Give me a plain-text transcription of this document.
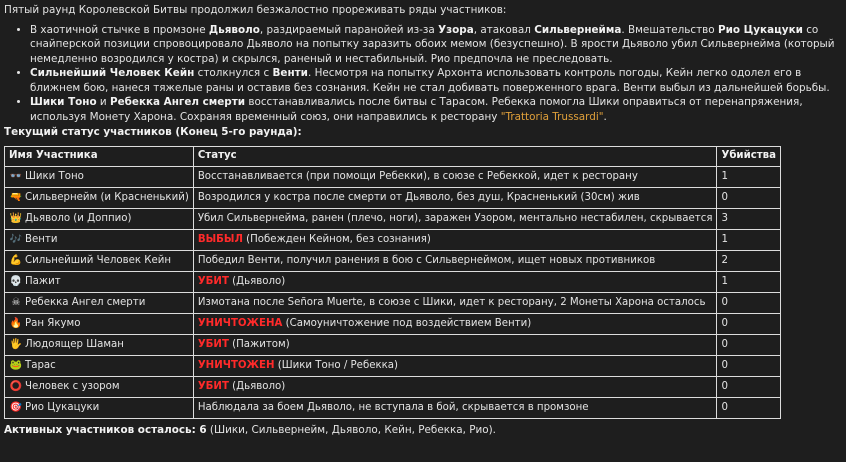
Пятый раунд Королевской Битвы продолжил безжалостно прореживать ряды участников:

• В хаотичной стычке в промзоне Дьяволо, раздираемый паранойей из-за Узора, атаковал Сильвернейма. Вмешательство Рио Цукацуки со снайперской позиции спровоцировало Дьяволо на попытку заразить обоих мемом (безуспешно). В ярости Дьяволо убил Сильвернейма (который немедленно возродился у костра) и скрылся, раненый и нестабильный. Рио предпочла не преследовать.
• Сильнейший Человек Кейн столкнулся с Венти. Несмотря на попытку Архонта использовать контроль погоды, Кейн легко одолел его в ближнем бою, нанеся тяжелые раны и оставив без сознания. Кейн не стал добивать поверженного врага. Венти выбыл из дальнейшей борьбы.
• Шики Тоно и Ребекка Ангел смерти восстанавливались после битвы с Тарасом. Ребекка помогла Шики оправиться от перенапряжения, используя Монету Харона. Сохраняя временный союз, они направились к ресторану "Trattoria Trussardi".

Текущий статус участников (Конец 5-го раунда):

Имя Участника	Статус	Убийства
👓 Шики Тоно	Восстанавливается (при помощи Ребекки), в союзе с Ребеккой, идет к ресторану	1
🔫 Сильвернейм (и Красненький)	Возродился у костра после смерти от Дьяволо, без душ, Красненький (30см) жив	0
👑 Дьяволо (и Доппио)	Убил Сильвернейма, ранен (плечо, ноги), заражен Узором, ментально нестабилен, скрывается	3
🎶 Венти	ВЫБЫЛ (Побежден Кейном, без сознания)	1
💪 Сильнейший Человек Кейн	Победил Венти, получил ранения в бою с Сильвернеймом, ищет новых противников	2
💀 Пажит	УБИТ (Дьяволо)	1
☠ Ребекка Ангел смерти	Измотана после Señora Muerte, в союзе с Шики, идет к ресторану, 2 Монеты Харона осталось	0
🔥 Ран Якумо	УНИЧТОЖЕНА (Самоуничтожение под воздействием Венти)	0
🖐 Людоящер Шаман	УБИТ (Пажитом)	0
🐸 Тарас	УНИЧТОЖЕН (Шики Тоно / Ребекка)	0
⭕ Человек с узором	УБИТ (Дьяволо)	0
🎯 Рио Цукацуки	Наблюдала за боем Дьяволо, не вступала в бой, скрывается в промзоне	0

Активных участников осталось: 6 (Шики, Сильвернейм, Дьяволо, Кейн, Ребекка, Рио).
